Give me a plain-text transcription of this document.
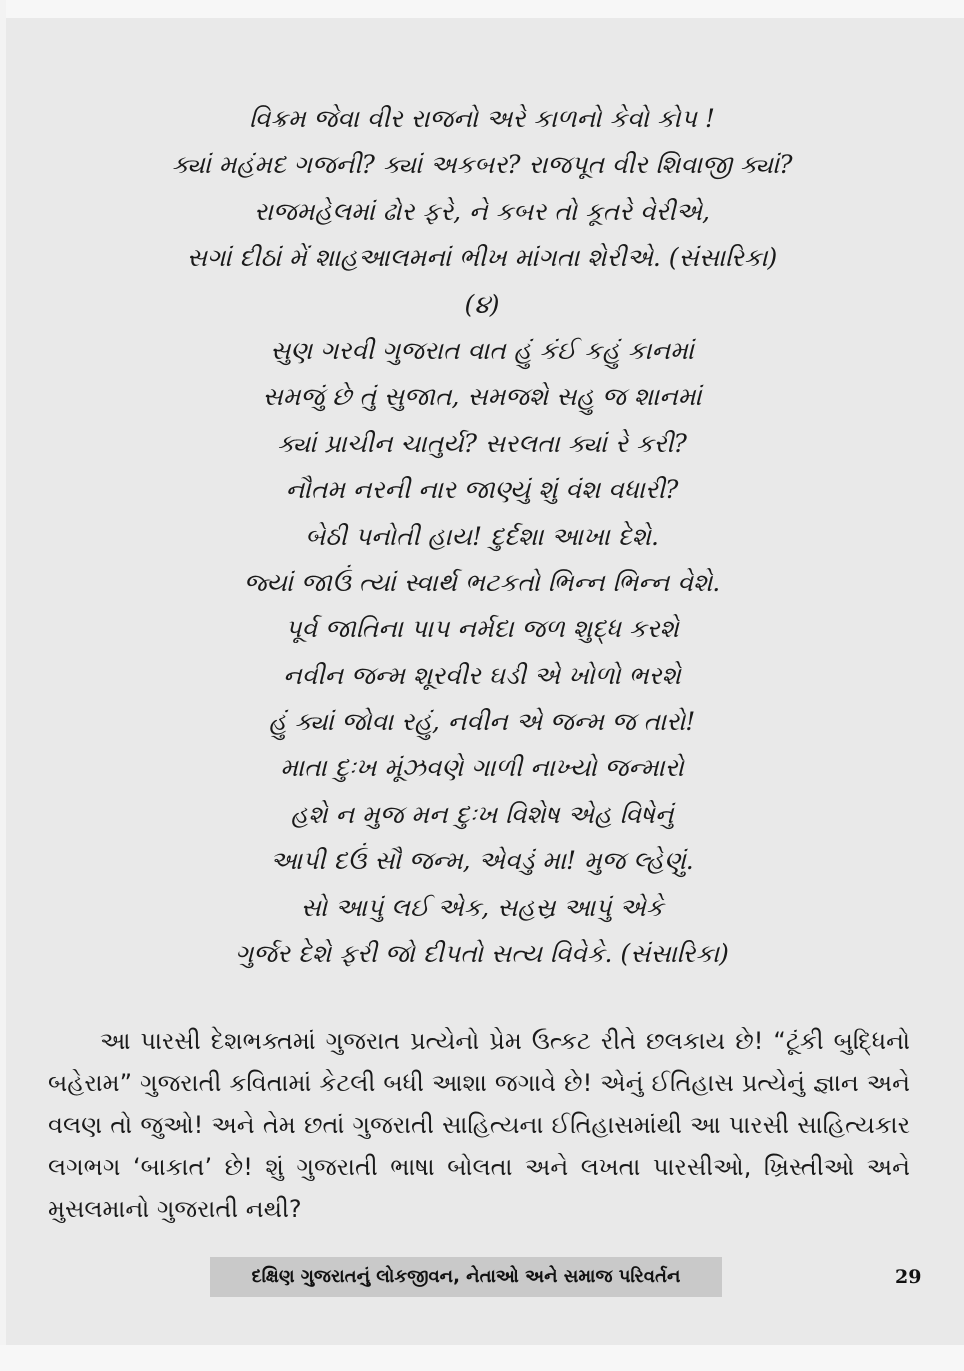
વિક્રમ જેવા વીર રાજનો અરે કાળનો કેવો કોપ !
ક્યાં મહંમદ ગજની? ક્યાં અકબર? રાજપૂત વીર શિવાજી ક્યાં?
રાજમહેલમાં ઢોર ફરે, ને કબર તો કૂતરે વેરીએ,
સગાં દીઠાં મેં શાહઆલમનાં ભીખ માંગતા શેરીએ. (સંસારિકા)
(૪)
સુણ ગરવી ગુજરાત વાત હું કંઈ કહું કાનમાં
સમજું છે તું સુજાત, સમજશે સહુ જ શાનમાં
ક્યાં પ્રાચીન ચાતુર્ય? સરલતા ક્યાં રે કરી?
નૌતમ નરની નાર જાણ્યું શું વંશ વધારી?
બેઠી પનોતી હાય! દુર્દશા આખા દેશે.
જ્યાં જાઉં ત્યાં સ્વાર્થ ભટકતો ભિન્ન ભિન્ન વેશે.
પૂર્વ જાતિના પાપ નર્મદા જળ શુદ્ધ કરશે
નવીન જન્મ શૂરવીર ઘડી એ ખોળો ભરશે
હું ક્યાં જોવા રહું, નવીન એ જન્મ જ તારો!
માતા દુઃખ મૂંઝવણે ગાળી નાખ્યો જન્મારો
હશે ન મુજ મન દુઃખ વિશેષ એહ વિષેનું
આપી દઉં સૌ જન્મ, એવડું મા! મુજ લ્હેણું.
સો આપું લઈ એક, સહસ્ર આપું એકે
ગુર્જર દેશે ફરી જો દીપતો સત્ય વિવેકે. (સંસારિકા)
આ પારસી દેશભક્તમાં ગુજરાત પ્રત્યેનો પ્રેમ ઉત્કટ રીતે છલકાય છે! “ટૂંકી બુદ્ધિનો બહેરામ” ગુજરાતી કવિતામાં કેટલી બધી આશા જગાવે છે! એનું ઈતિહાસ પ્રત્યેનું જ્ઞાન અને વલણ તો જુઓ! અને તેમ છતાં ગુજરાતી સાહિત્યના ઈતિહાસમાંથી આ પારસી સાહિત્યકાર લગભગ ‘બાકાત’ છે! શું ગુજરાતી ભાષા બોલતા અને લખતા પારસીઓ, ખ્રિસ્તીઓ અને મુસલમાનો ગુજરાતી નથી?
દક્ષિણ ગુજરાતનું લોકજીવન, નેતાઓ અને સમાજ પરિવર્તન	29
